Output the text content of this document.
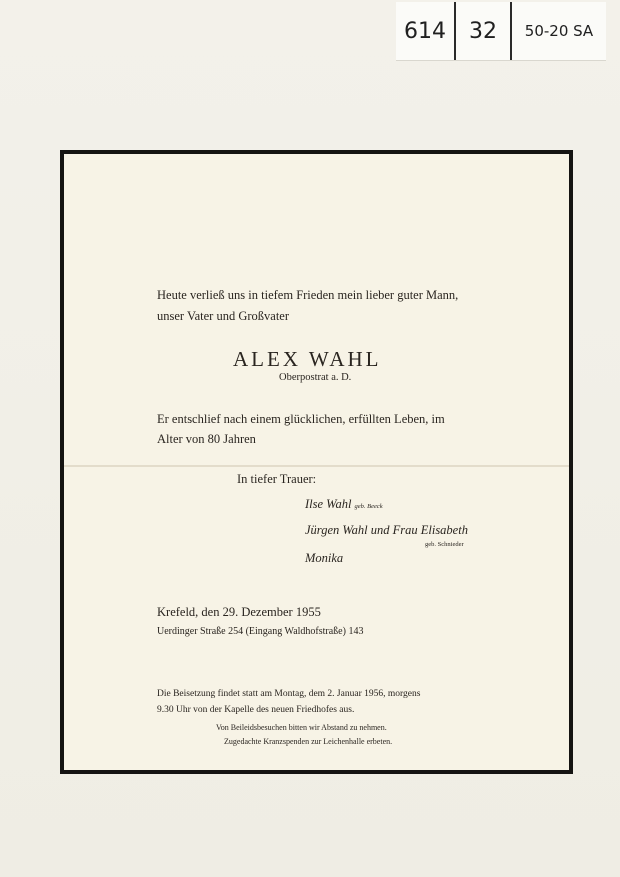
614	32	50-20 SA
Heute verließ uns in tiefem Frieden mein lieber guter Mann,
unser Vater und Großvater
ALEX WAHL
Oberpostrat a. D.
Er entschlief nach einem glücklichen, erfüllten Leben, im
Alter von 80 Jahren
In tiefer Trauer:
Ilse Wahl geb. Beeck
Jürgen Wahl und Frau Elisabeth
geb. Schnieder
Monika
Krefeld, den 29. Dezember 1955
Uerdinger Straße 254 (Eingang Waldhofstraße) 143
Die Beisetzung findet statt am Montag, dem 2. Januar 1956, morgens
9.30 Uhr von der Kapelle des neuen Friedhofes aus.
Von Beileidsbesuchen bitten wir Abstand zu nehmen.
Zugedachte Kranzspenden zur Leichenhalle erbeten.
